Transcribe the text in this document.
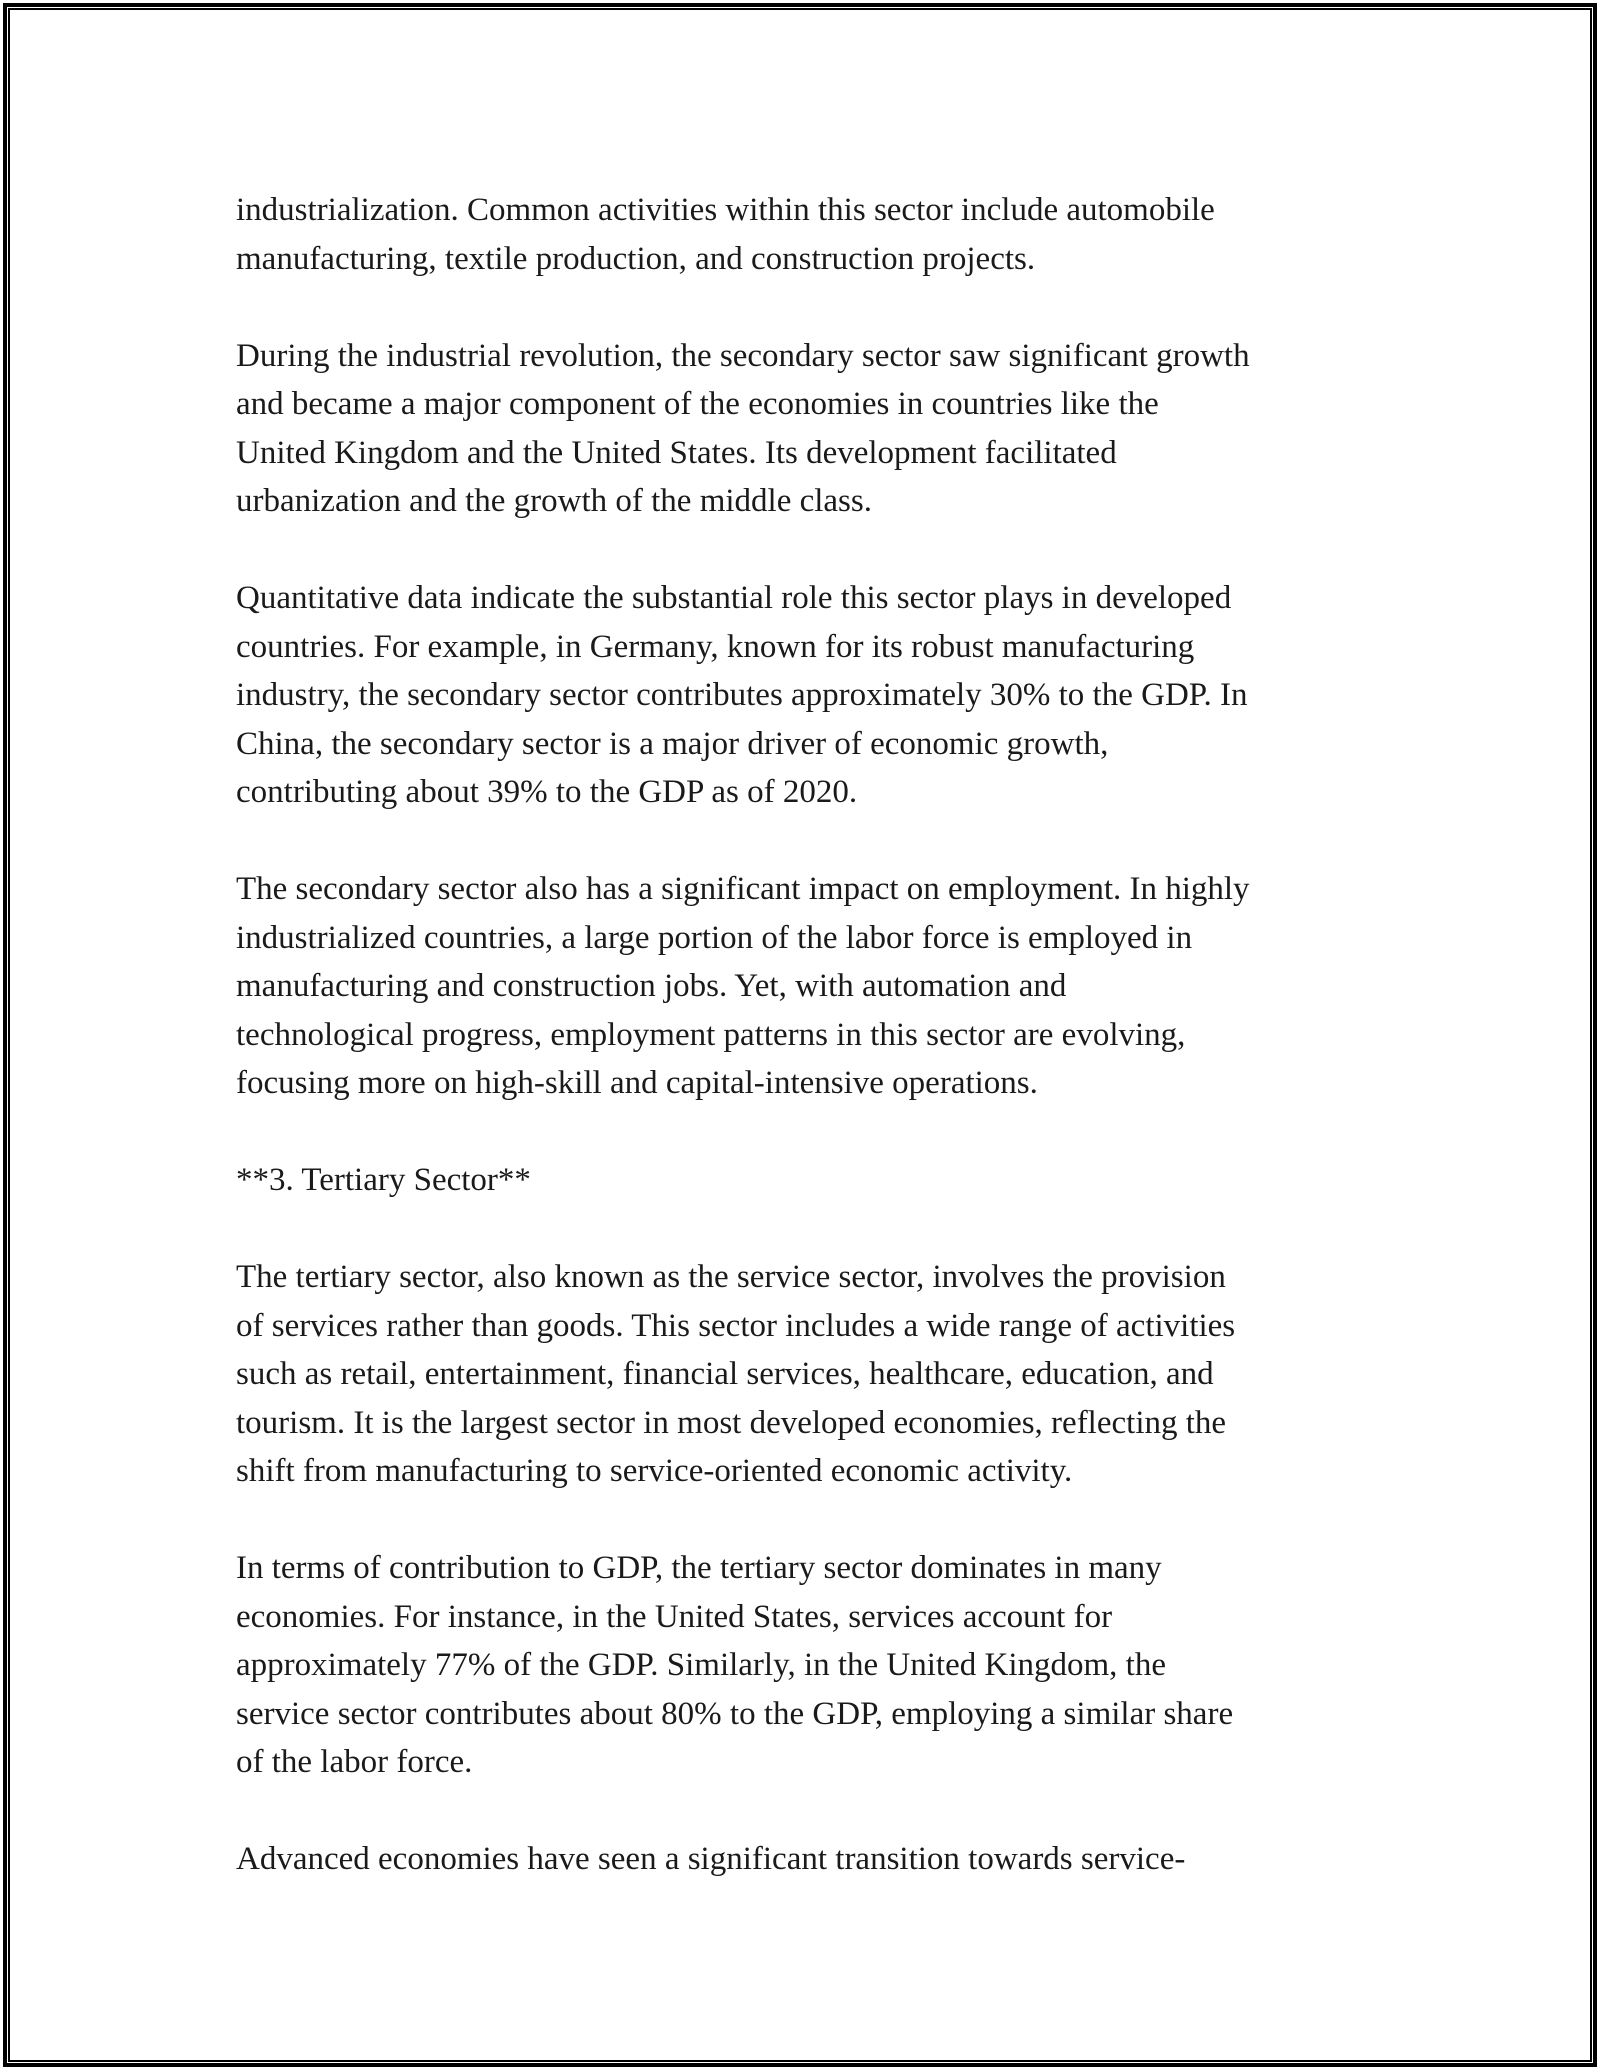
industrialization. Common activities within this sector include automobile
manufacturing, textile production, and construction projects.

During the industrial revolution, the secondary sector saw significant growth
and became a major component of the economies in countries like the
United Kingdom and the United States. Its development facilitated
urbanization and the growth of the middle class.

Quantitative data indicate the substantial role this sector plays in developed
countries. For example, in Germany, known for its robust manufacturing
industry, the secondary sector contributes approximately 30% to the GDP. In
China, the secondary sector is a major driver of economic growth,
contributing about 39% to the GDP as of 2020.

The secondary sector also has a significant impact on employment. In highly
industrialized countries, a large portion of the labor force is employed in
manufacturing and construction jobs. Yet, with automation and
technological progress, employment patterns in this sector are evolving,
focusing more on high-skill and capital-intensive operations.

**3. Tertiary Sector**

The tertiary sector, also known as the service sector, involves the provision
of services rather than goods. This sector includes a wide range of activities
such as retail, entertainment, financial services, healthcare, education, and
tourism. It is the largest sector in most developed economies, reflecting the
shift from manufacturing to service-oriented economic activity.

In terms of contribution to GDP, the tertiary sector dominates in many
economies. For instance, in the United States, services account for
approximately 77% of the GDP. Similarly, in the United Kingdom, the
service sector contributes about 80% to the GDP, employing a similar share
of the labor force.

Advanced economies have seen a significant transition towards service-
